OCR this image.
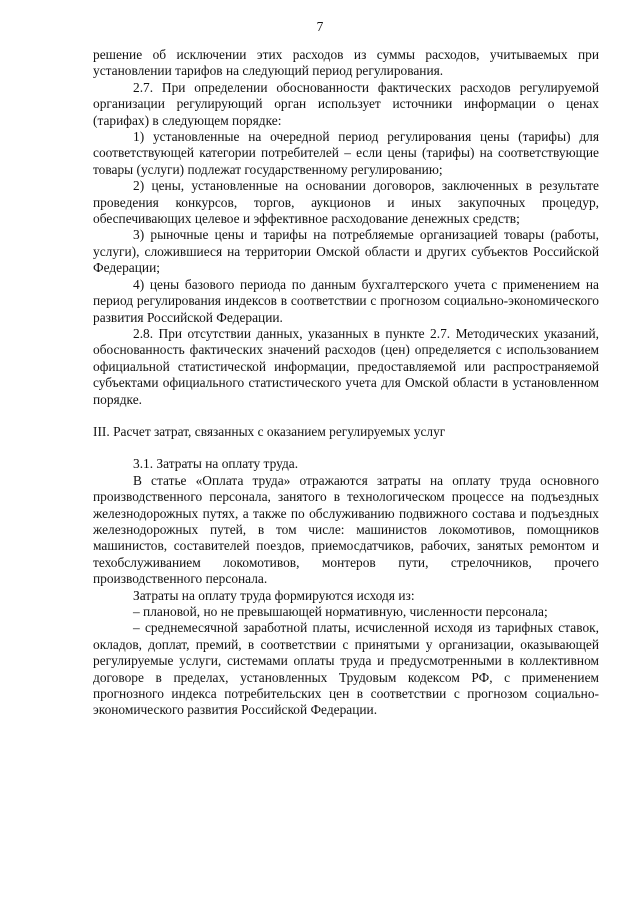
7

решение об исключении этих расходов из суммы расходов, учитываемых при установлении тарифов на следующий период регулирования.

2.7. При определении обоснованности фактических расходов регулируемой организации регулирующий орган использует источники информации о ценах (тарифах) в следующем порядке:

1) установленные на очередной период регулирования цены (тарифы) для соответствующей категории потребителей – если цены (тарифы) на соответствующие товары (услуги) подлежат государственному регулированию;

2) цены, установленные на основании договоров, заключенных в результате проведения конкурсов, торгов, аукционов и иных закупочных процедур, обеспечивающих целевое и эффективное расходование денежных средств;

3) рыночные цены и тарифы на потребляемые организацией товары (работы, услуги), сложившиеся на территории Омской области и других субъектов Российской Федерации;

4) цены базового периода по данным бухгалтерского учета с применением на период регулирования индексов в соответствии с прогнозом социально-экономического развития Российской Федерации.

2.8. При отсутствии данных, указанных в пункте 2.7. Методических указаний, обоснованность фактических значений расходов (цен) определяется с использованием официальной статистической информации, предоставляемой или распространяемой субъектами официального статистического учета для Омской области в установленном порядке.

III. Расчет затрат, связанных с оказанием регулируемых услуг

3.1. Затраты на оплату труда.

В статье «Оплата труда» отражаются затраты на оплату труда основного производственного персонала, занятого в технологическом процессе на подъездных железнодорожных путях, а также по обслуживанию подвижного состава и подъездных железнодорожных путей, в том числе: машинистов локомотивов, помощников машинистов, составителей поездов, приемосдатчиков, рабочих, занятых ремонтом и техобслуживанием локомотивов, монтеров пути, стрелочников, прочего производственного персонала.

Затраты на оплату труда формируются исходя из:

– плановой, но не превышающей нормативную, численности персонала;

– среднемесячной заработной платы, исчисленной исходя из тарифных ставок, окладов, доплат, премий, в соответствии с принятыми у организации, оказывающей регулируемые услуги, системами оплаты труда и предусмотренными в коллективном договоре в пределах, установленных Трудовым кодексом РФ, с применением прогнозного индекса потребительских цен в соответствии с прогнозом социально-экономического развития Российской Федерации.
